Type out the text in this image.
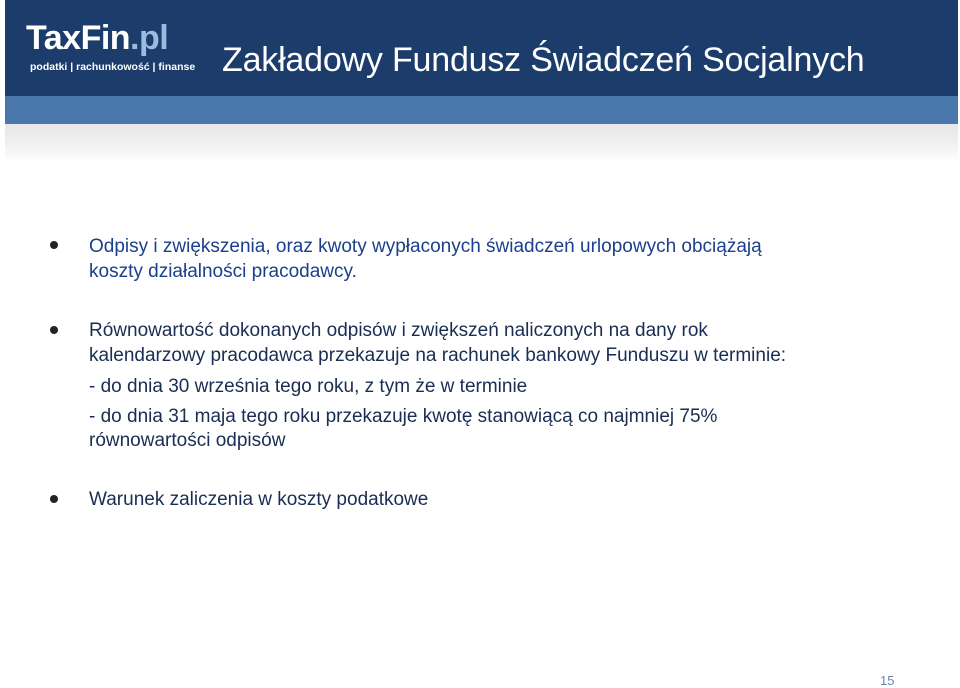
TaxFin.pl
podatki | rachunkowość | finanse Zakładowy Fundusz Świadczeń Socjalnych
Odpisy i zwiększenia, oraz kwoty wypłaconych świadczeń urlopowych obciążają
koszty działalności pracodawcy.
Równowartość dokonanych odpisów i zwiększeń naliczonych na dany rok
kalendarzowy pracodawca przekazuje na rachunek bankowy Funduszu w terminie:
- do dnia 30 września tego roku, z tym że w terminie
- do dnia 31 maja tego roku przekazuje kwotę stanowiącą co najmniej 75%
równowartości odpisów
Warunek zaliczenia w koszty podatkowe
15
